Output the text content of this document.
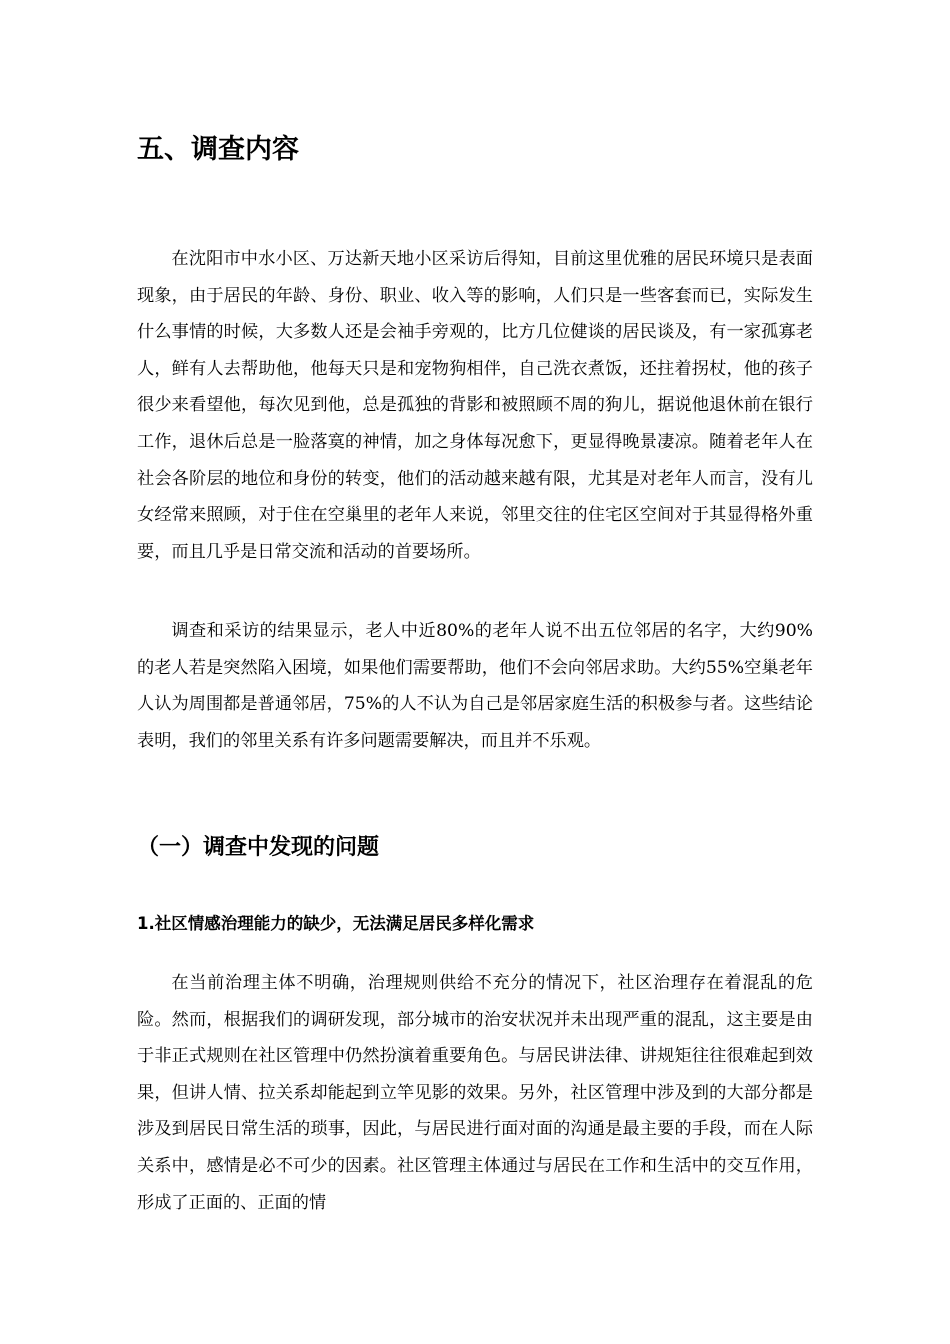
五、调查内容

在沈阳市中水小区、万达新天地小区采访后得知，目前这里优雅的居民环境只是表面现象，由于居民的年龄、身份、职业、收入等的影响，人们只是一些客套而已，实际发生什么事情的时候，大多数人还是会袖手旁观的，比方几位健谈的居民谈及，有一家孤寡老人，鲜有人去帮助他，他每天只是和宠物狗相伴，自己洗衣煮饭，还拄着拐杖，他的孩子很少来看望他，每次见到他，总是孤独的背影和被照顾不周的狗儿，据说他退休前在银行工作，退休后总是一脸落寞的神情，加之身体每况愈下，更显得晚景凄凉。随着老年人在社会各阶层的地位和身份的转变，他们的活动越来越有限，尤其是对老年人而言，没有儿女经常来照顾，对于住在空巢里的老年人来说，邻里交往的住宅区空间对于其显得格外重要，而且几乎是日常交流和活动的首要场所。

调查和采访的结果显示，老人中近80%的老年人说不出五位邻居的名字，大约90%的老人若是突然陷入困境，如果他们需要帮助，他们不会向邻居求助。大约55%空巢老年人认为周围都是普通邻居，75%的人不认为自己是邻居家庭生活的积极参与者。这些结论表明，我们的邻里关系有许多问题需要解决，而且并不乐观。

（一）调查中发现的问题
1.社区情感治理能力的缺少，无法满足居民多样化需求

在当前治理主体不明确，治理规则供给不充分的情况下，社区治理存在着混乱的危险。然而，根据我们的调研发现，部分城市的治安状况并未出现严重的混乱，这主要是由于非正式规则在社区管理中仍然扮演着重要角色。与居民讲法律、讲规矩往往很难起到效果，但讲人情、拉关系却能起到立竿见影的效果。另外，社区管理中涉及到的大部分都是涉及到居民日常生活的琐事，因此，与居民进行面对面的沟通是最主要的手段，而在人际关系中，感情是必不可少的因素。社区管理主体通过与居民在工作和生活中的交互作用，形成了正面的、正面的情
